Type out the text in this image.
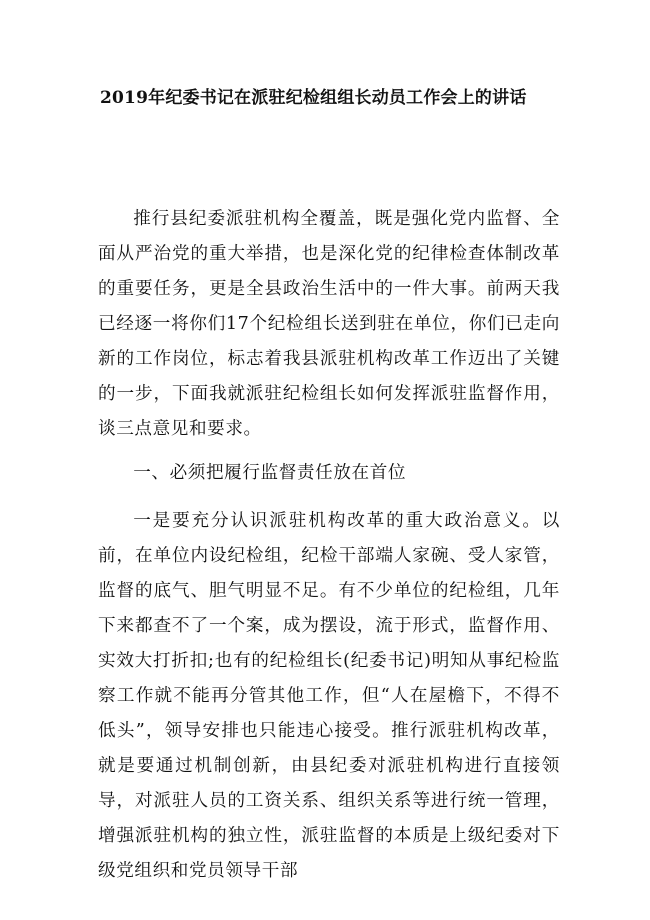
2019年纪委书记在派驻纪检组组长动员工作会上的讲话

推行县纪委派驻机构全覆盖，既是强化党内监督、全面从严治党的重大举措，也是深化党的纪律检查体制改革的重要任务，更是全县政治生活中的一件大事。前两天我已经逐一将你们17个纪检组长送到驻在单位，你们已走向新的工作岗位，标志着我县派驻机构改革工作迈出了关键的一步，下面我就派驻纪检组长如何发挥派驻监督作用，谈三点意见和要求。

一、必须把履行监督责任放在首位

一是要充分认识派驻机构改革的重大政治意义。以前，在单位内设纪检组，纪检干部端人家碗、受人家管，监督的底气、胆气明显不足。有不少单位的纪检组，几年下来都查不了一个案，成为摆设，流于形式，监督作用、实效大打折扣;也有的纪检组长(纪委书记)明知从事纪检监察工作就不能再分管其他工作，但“人在屋檐下，不得不低头”，领导安排也只能违心接受。推行派驻机构改革，就是要通过机制创新，由县纪委对派驻机构进行直接领导，对派驻人员的工资关系、组织关系等进行统一管理，增强派驻机构的独立性，派驻监督的本质是上级纪委对下级党组织和党员领导干部
